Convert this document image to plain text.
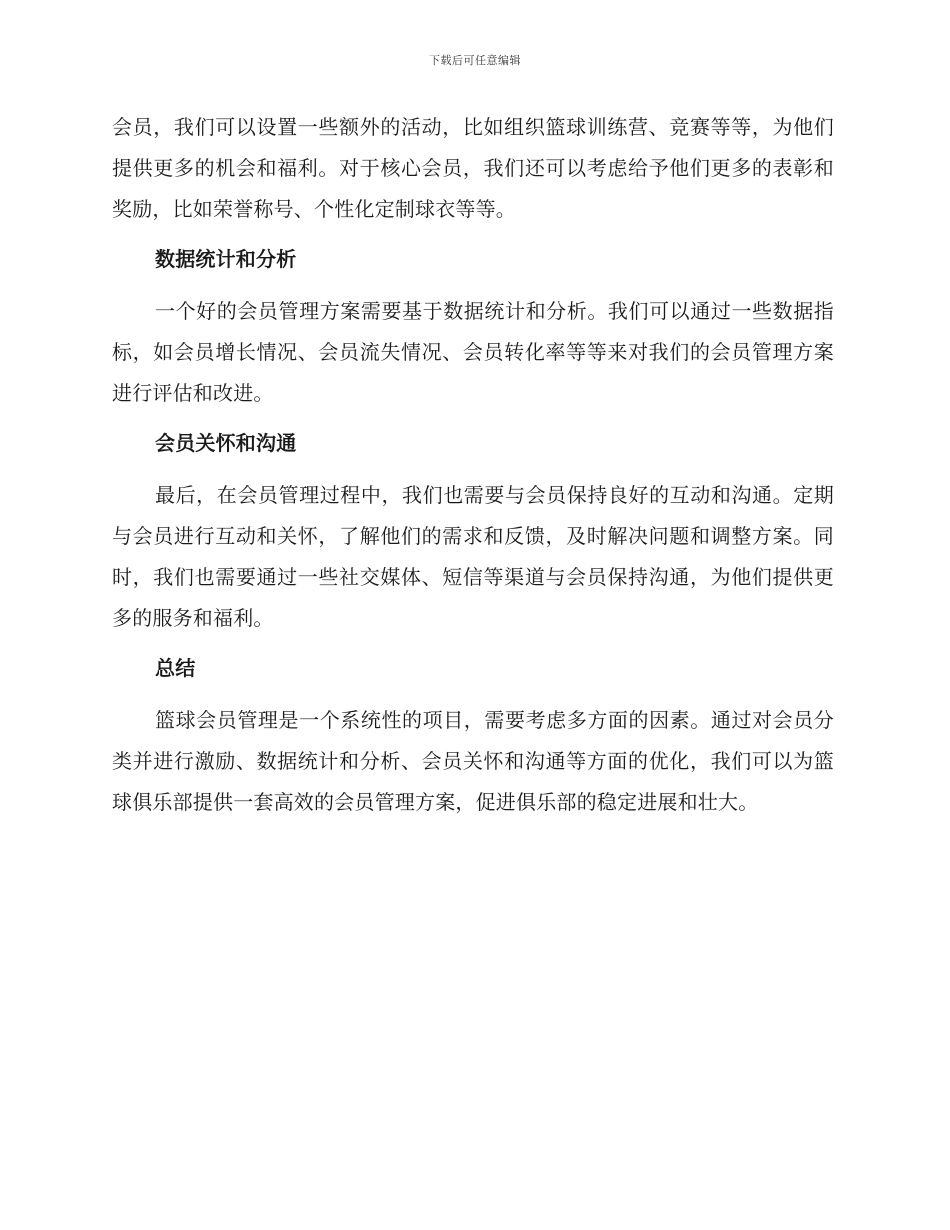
下载后可任意编辑

会员，我们可以设置一些额外的活动，比如组织篮球训练营、竞赛等等，为他们提供更多的机会和福利。对于核心会员，我们还可以考虑给予他们更多的表彰和奖励，比如荣誉称号、个性化定制球衣等等。

数据统计和分析

一个好的会员管理方案需要基于数据统计和分析。我们可以通过一些数据指标，如会员增长情况、会员流失情况、会员转化率等等来对我们的会员管理方案进行评估和改进。

会员关怀和沟通

最后，在会员管理过程中，我们也需要与会员保持良好的互动和沟通。定期与会员进行互动和关怀，了解他们的需求和反馈，及时解决问题和调整方案。同时，我们也需要通过一些社交媒体、短信等渠道与会员保持沟通，为他们提供更多的服务和福利。

总结

篮球会员管理是一个系统性的项目，需要考虑多方面的因素。通过对会员分类并进行激励、数据统计和分析、会员关怀和沟通等方面的优化，我们可以为篮球俱乐部提供一套高效的会员管理方案，促进俱乐部的稳定进展和壮大。
